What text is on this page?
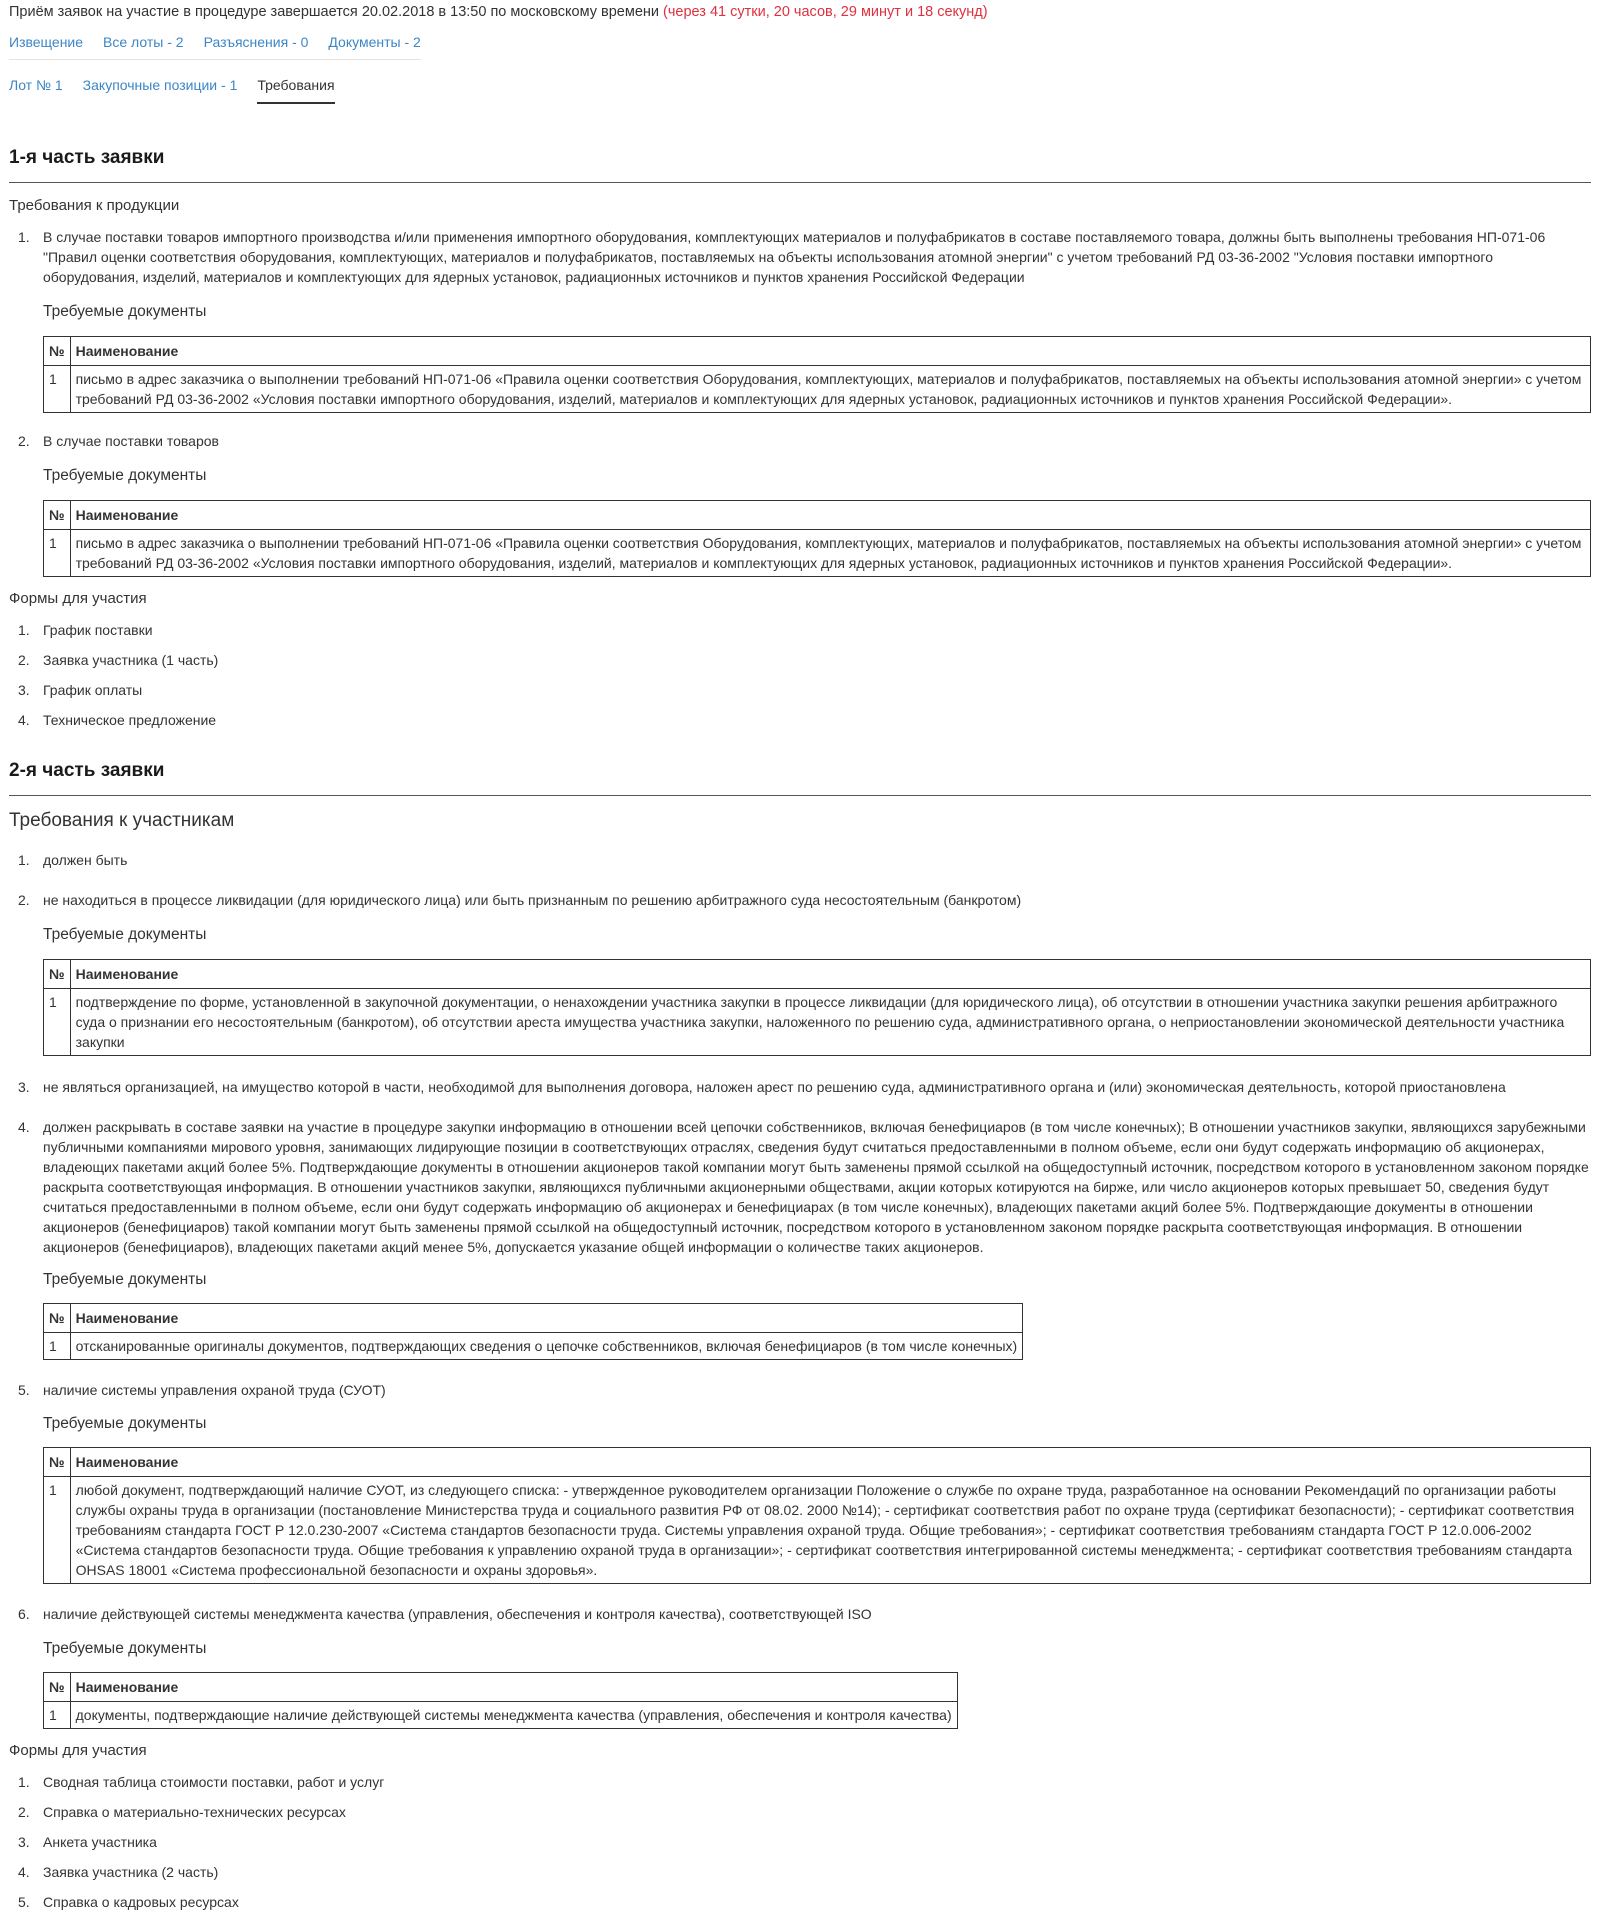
Приём заявок на участие в процедуре завершается 20.02.2018 в 13:50 по московскому времени (через 41 сутки, 20 часов, 29 минут и 18 секунд)
Извещение Все лоты - 2 Разъяснения - 0 Документы - 2
Лот № 1 Закупочные позиции - 1 Требования
1-я часть заявки
Требования к продукции
1. В случае поставки товаров импортного производства и/или применения импортного оборудования, комплектующих материалов и полуфабрикатов в составе поставляемого товара, должны быть выполнены требования НП-071-06 "Правил оценки соответствия оборудования, комплектующих, материалов и полуфабрикатов, поставляемых на объекты использования атомной энергии" с учетом требований РД 03-36-2002 "Условия поставки импортного оборудования, изделий, материалов и комплектующих для ядерных установок, радиационных источников и пунктов хранения Российской Федерации
Требуемые документы
№	Наименование
1	письмо в адрес заказчика о выполнении требований НП-071-06 «Правила оценки соответствия Оборудования, комплектующих, материалов и полуфабрикатов, поставляемых на объекты использования атомной энергии» с учетом требований РД 03-36-2002 «Условия поставки импортного оборудования, изделий, материалов и комплектующих для ядерных установок, радиационных источников и пунктов хранения Российской Федерации».
2. В случае поставки товаров
Требуемые документы
№	Наименование
1	письмо в адрес заказчика о выполнении требований НП-071-06 «Правила оценки соответствия Оборудования, комплектующих, материалов и полуфабрикатов, поставляемых на объекты использования атомной энергии» с учетом требований РД 03-36-2002 «Условия поставки импортного оборудования, изделий, материалов и комплектующих для ядерных установок, радиационных источников и пунктов хранения Российской Федерации».
Формы для участия
1. График поставки
2. Заявка участника (1 часть)
3. График оплаты
4. Техническое предложение
2-я часть заявки
Требования к участникам
1. должен быть
2. не находиться в процессе ликвидации (для юридического лица) или быть признанным по решению арбитражного суда несостоятельным (банкротом)
Требуемые документы
№	Наименование
1	подтверждение по форме, установленной в закупочной документации, о ненахождении участника закупки в процессе ликвидации (для юридического лица), об отсутствии в отношении участника закупки решения арбитражного суда о признании его несостоятельным (банкротом), об отсутствии ареста имущества участника закупки, наложенного по решению суда, административного органа, о неприостановлении экономической деятельности участника закупки
3. не являться организацией, на имущество которой в части, необходимой для выполнения договора, наложен арест по решению суда, административного органа и (или) экономическая деятельность, которой приостановлена
4. должен раскрывать в составе заявки на участие в процедуре закупки информацию в отношении всей цепочки собственников, включая бенефициаров (в том числе конечных); В отношении участников закупки, являющихся зарубежными публичными компаниями мирового уровня, занимающих лидирующие позиции в соответствующих отраслях, сведения будут считаться предоставленными в полном объеме, если они будут содержать информацию об акционерах, владеющих пакетами акций более 5%. Подтверждающие документы в отношении акционеров такой компании могут быть заменены прямой ссылкой на общедоступный источник, посредством которого в установленном законом порядке раскрыта соответствующая информация. В отношении участников закупки, являющихся публичными акционерными обществами, акции которых котируются на бирже, или число акционеров которых превышает 50, сведения будут считаться предоставленными в полном объеме, если они будут содержать информацию об акционерах и бенефициарах (в том числе конечных), владеющих пакетами акций более 5%. Подтверждающие документы в отношении акционеров (бенефициаров) такой компании могут быть заменены прямой ссылкой на общедоступный источник, посредством которого в установленном законом порядке раскрыта соответствующая информация. В отношении акционеров (бенефициаров), владеющих пакетами акций менее 5%, допускается указание общей информации о количестве таких акционеров.
Требуемые документы
№	Наименование
1	отсканированные оригиналы документов, подтверждающих сведения о цепочке собственников, включая бенефициаров (в том числе конечных)
5. наличие системы управления охраной труда (СУОТ)
Требуемые документы
№	Наименование
1	любой документ, подтверждающий наличие СУОТ, из следующего списка: - утвержденное руководителем организации Положение о службе по охране труда, разработанное на основании Рекомендаций по организации работы службы охраны труда в организации (постановление Министерства труда и социального развития РФ от 08.02. 2000 №14); - сертификат соответствия работ по охране труда (сертификат безопасности); - сертификат соответствия требованиям стандарта ГОСТ Р 12.0.230-2007 «Система стандартов безопасности труда. Системы управления охраной труда. Общие требования»; - сертификат соответствия требованиям стандарта ГОСТ Р 12.0.006-2002 «Система стандартов безопасности труда. Общие требования к управлению охраной труда в организации»; - сертификат соответствия интегрированной системы менеджмента; - сертификат соответствия требованиям стандарта OHSAS 18001 «Система профессиональной безопасности и охраны здоровья».
6. наличие действующей системы менеджмента качества (управления, обеспечения и контроля качества), соответствующей ISO
Требуемые документы
№	Наименование
1	документы, подтверждающие наличие действующей системы менеджмента качества (управления, обеспечения и контроля качества)
Формы для участия
1. Сводная таблица стоимости поставки, работ и услуг
2. Справка о материально-технических ресурсах
3. Анкета участника
4. Заявка участника (2 часть)
5. Справка о кадровых ресурсах
